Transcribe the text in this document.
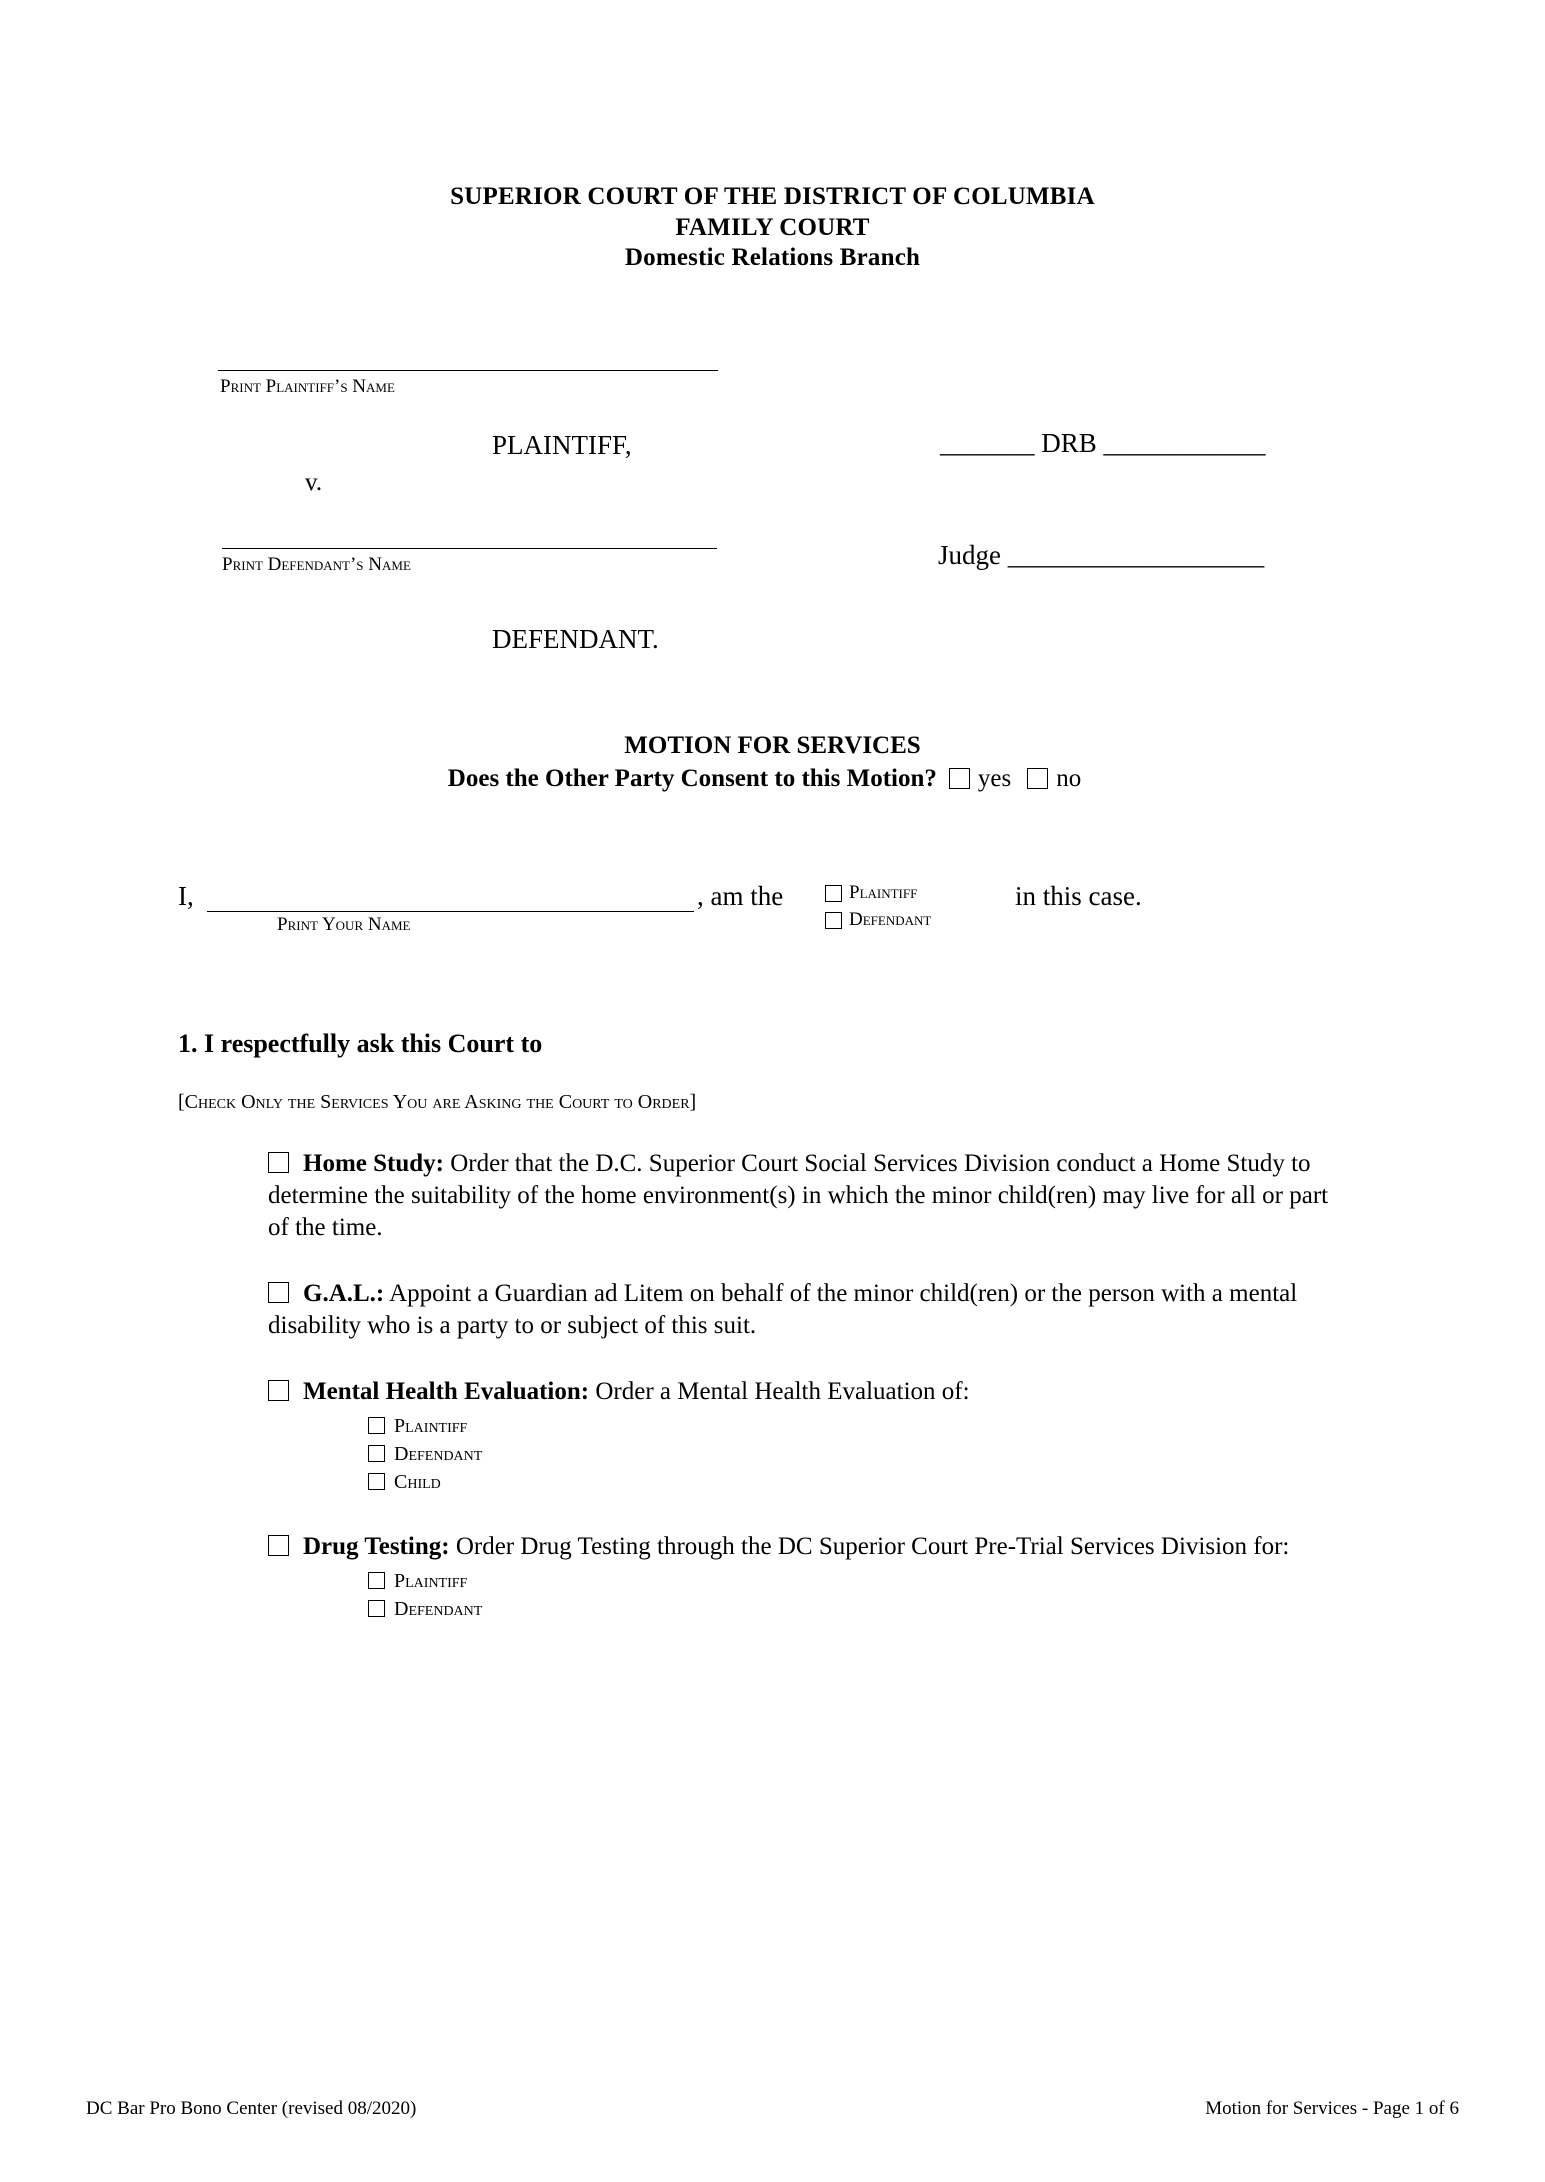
SUPERIOR COURT OF THE DISTRICT OF COLUMBIA
FAMILY COURT
Domestic Relations Branch
Print Plaintiff’s Name
PLAINTIFF,
v.
_______ DRB ____________
Print Defendant’s Name	Judge ___________________
DEFENDANT.
MOTION FOR SERVICES
Does the Other Party Consent to this Motion? yes no
I,
Print Your Name
, am the	Plaintiff
Defendant
in this case.
1. I respectfully ask this Court to
[Check Only the Services You are Asking the Court to Order]
Home Study: Order that the D.C. Superior Court Social Services Division conduct a Home Study to determine the suitability of the home environment(s) in which the minor child(ren) may live for all or part of the time.
G.A.L.: Appoint a Guardian ad Litem on behalf of the minor child(ren) or the person with a mental disability who is a party to or subject of this suit.
Mental Health Evaluation: Order a Mental Health Evaluation of:
Plaintiff
Defendant
Child
Drug Testing: Order Drug Testing through the DC Superior Court Pre-Trial Services Division for:
Plaintiff
Defendant
DC Bar Pro Bono Center (revised 08/2020)	Motion for Services - Page 1 of 6
